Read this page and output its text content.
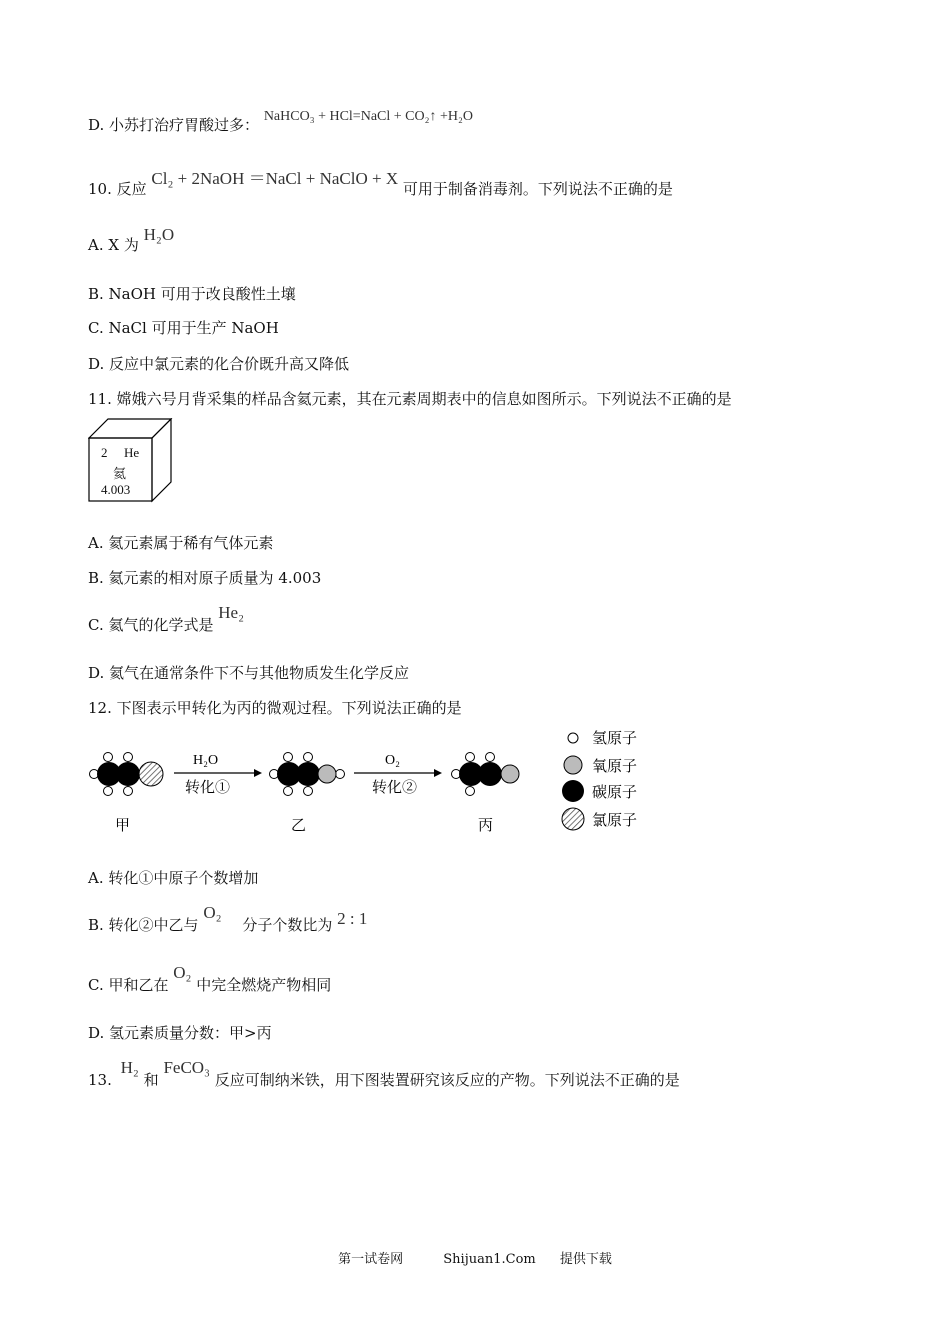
D. 小苏打治疗胃酸过多： NaHCO₃ + HCl=NaCl + CO₂↑ +H₂O
10. 反应 Cl₂ + 2NaOH ＝NaCl + NaClO + X 可用于制备消毒剂。下列说法不正确的是
A. X 为 H₂O
B. NaOH 可用于改良酸性土壤
C. NaCl 可用于生产 NaOH
D. 反应中氯元素的化合价既升高又降低
11. 嫦娥六号月背采集的样品含氦元素，其在元素周期表中的信息如图所示。下列说法不正确的是
2 He
氦
4.003
A. 氦元素属于稀有气体元素
B. 氦元素的相对原子质量为 4.003
C. 氦气的化学式是 He₂
D. 氦气在通常条件下不与其他物质发生化学反应
12. 下图表示甲转化为丙的微观过程。下列说法正确的是
H₂O
转化①
O₂
转化②
甲	乙	丙
氢原子
氧原子
碳原子
氯原子
A. 转化①中原子个数增加
B. 转化②中乙与 O₂ 分子个数比为 2 : 1
C. 甲和乙在 O₂ 中完全燃烧产物相同
D. 氢元素质量分数：甲>丙
13. H₂ 和 FeCO₃ 反应可制纳米铁，用下图装置研究该反应的产物。下列说法不正确的是
第一试卷网	Shijuan1.Com 提供下载
